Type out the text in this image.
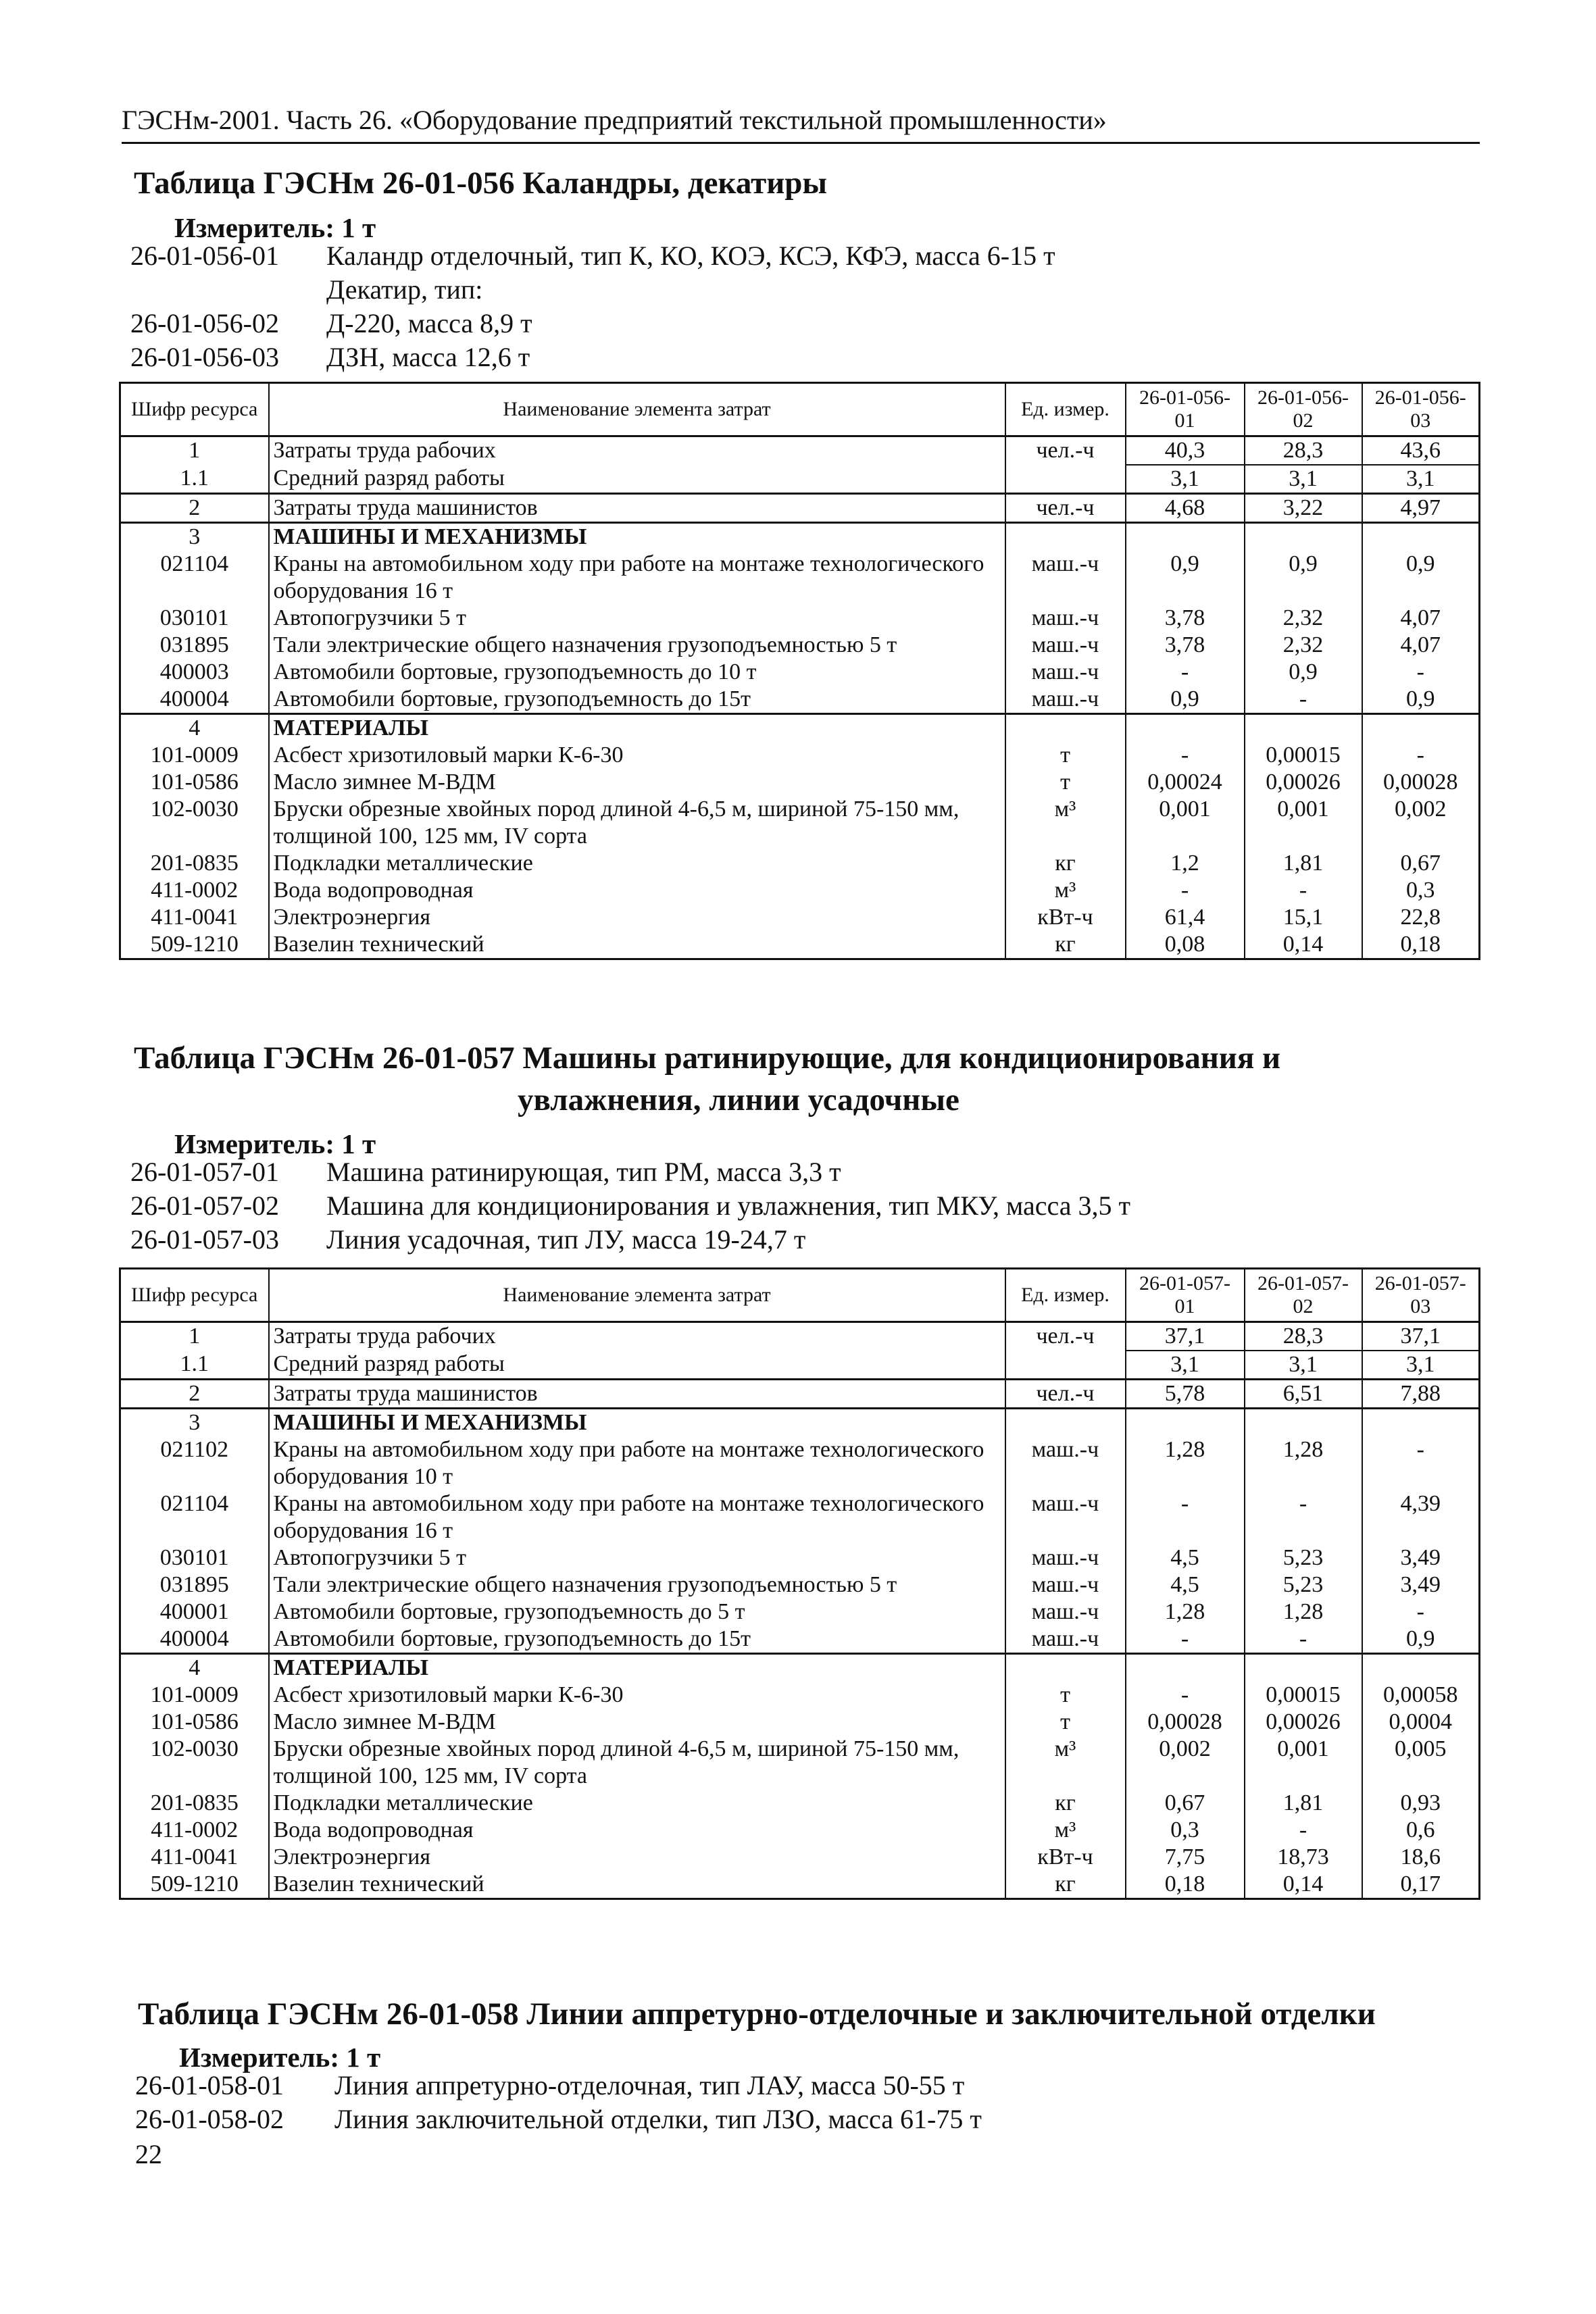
ГЭСНм-2001. Часть 26. «Оборудование предприятий текстильной промышленности»
Таблица ГЭСНм 26-01-056 Каландры, декатиры
Измеритель: 1 т
26-01-056-01 Каландр отделочный, тип К, КО, КОЭ, КСЭ, КФЭ, масса 6-15 т
Декатир, тип:
26-01-056-02 Д-220, масса 8,9 т
26-01-056-03 ДЗН, масса 12,6 т
Шифр ресурса	Наименование элемента затрат	Ед. измер.	26-01-056-01	26-01-056-02	26-01-056-03
1	Затраты труда рабочих	чел.-ч	40,3	28,3	43,6
1.1	Средний разряд работы		3,1	3,1	3,1
2	Затраты труда машинистов	чел.-ч	4,68	3,22	4,97
3	МАШИНЫ И МЕХАНИЗМЫ				
021104	Краны на автомобильном ходу при работе на монтаже технологического оборудования 16 т	маш.-ч	0,9	0,9	0,9
030101	Автопогрузчики 5 т	маш.-ч	3,78	2,32	4,07
031895	Тали электрические общего назначения грузоподъемностью 5 т	маш.-ч	3,78	2,32	4,07
400003	Автомобили бортовые, грузоподъемность до 10 т	маш.-ч	-	0,9	-
400004	Автомобили бортовые, грузоподъемность до 15т	маш.-ч	0,9	-	0,9
4	МАТЕРИАЛЫ				
101-0009	Асбест хризотиловый марки К-6-30	т	-	0,00015	-
101-0586	Масло зимнее М-ВДМ	т	0,00024	0,00026	0,00028
102-0030	Бруски обрезные хвойных пород длиной 4-6,5 м, шириной 75-150 мм, толщиной 100, 125 мм, IV сорта	м³	0,001	0,001	0,002
201-0835	Подкладки металлические	кг	1,2	1,81	0,67
411-0002	Вода водопроводная	м³	-	-	0,3
411-0041	Электроэнергия	кВт-ч	61,4	15,1	22,8
509-1210	Вазелин технический	кг	0,08	0,14	0,18
Таблица ГЭСНм 26-01-057 Машины ратинирующие, для кондиционирования и
увлажнения, линии усадочные
Измеритель: 1 т
26-01-057-01 Машина ратинирующая, тип РМ, масса 3,3 т
26-01-057-02 Машина для кондиционирования и увлажнения, тип МКУ, масса 3,5 т
26-01-057-03 Линия усадочная, тип ЛУ, масса 19-24,7 т
Шифр ресурса	Наименование элемента затрат	Ед. измер.	26-01-057-01	26-01-057-02	26-01-057-03
1	Затраты труда рабочих	чел.-ч	37,1	28,3	37,1
1.1	Средний разряд работы		3,1	3,1	3,1
2	Затраты труда машинистов	чел.-ч	5,78	6,51	7,88
3	МАШИНЫ И МЕХАНИЗМЫ				
021102	Краны на автомобильном ходу при работе на монтаже технологического оборудования 10 т	маш.-ч	1,28	1,28	-
021104	Краны на автомобильном ходу при работе на монтаже технологического оборудования 16 т	маш.-ч	-	-	4,39
030101	Автопогрузчики 5 т	маш.-ч	4,5	5,23	3,49
031895	Тали электрические общего назначения грузоподъемностью 5 т	маш.-ч	4,5	5,23	3,49
400001	Автомобили бортовые, грузоподъемность до 5 т	маш.-ч	1,28	1,28	-
400004	Автомобили бортовые, грузоподъемность до 15т	маш.-ч	-	-	0,9
4	МАТЕРИАЛЫ				
101-0009	Асбест хризотиловый марки К-6-30	т	-	0,00015	0,00058
101-0586	Масло зимнее М-ВДМ	т	0,00028	0,00026	0,0004
102-0030	Бруски обрезные хвойных пород длиной 4-6,5 м, шириной 75-150 мм, толщиной 100, 125 мм, IV сорта	м³	0,002	0,001	0,005
201-0835	Подкладки металлические	кг	0,67	1,81	0,93
411-0002	Вода водопроводная	м³	0,3	-	0,6
411-0041	Электроэнергия	кВт-ч	7,75	18,73	18,6
509-1210	Вазелин технический	кг	0,18	0,14	0,17
Таблица ГЭСНм 26-01-058 Линии аппретурно-отделочные и заключительной отделки
Измеритель: 1 т
26-01-058-01 Линия аппретурно-отделочная, тип ЛАУ, масса 50-55 т
26-01-058-02 Линия заключительной отделки, тип ЛЗО, масса 61-75 т
22
